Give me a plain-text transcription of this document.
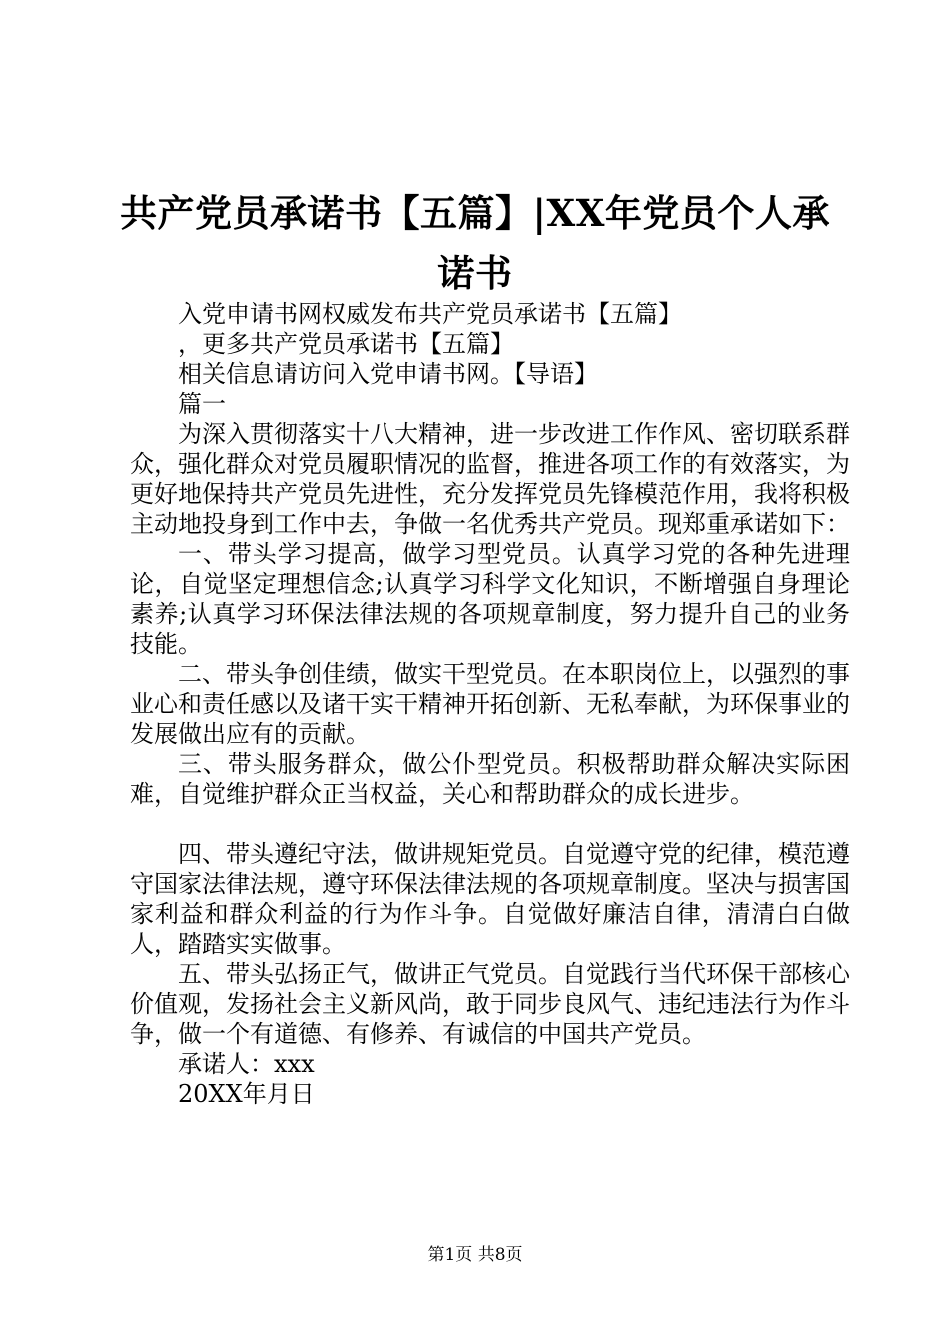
共产党员承诺书【五篇】|XX年党员个人承诺书
入党申请书网权威发布共产党员承诺书【五篇】
，更多共产党员承诺书【五篇】
相关信息请访问入党申请书网。【导语】
篇一

为深入贯彻落实十八大精神，进一步改进工作作风、密切联系群众，强化群众对党员履职情况的监督，推进各项工作的有效落实，为更好地保持共产党员先进性，充分发挥党员先锋模范作用，我将积极主动地投身到工作中去，争做一名优秀共产党员。现郑重承诺如下：

一、带头学习提高，做学习型党员。认真学习党的各种先进理论，自觉坚定理想信念;认真学习科学文化知识，不断增强自身理论素养;认真学习环保法律法规的各项规章制度，努力提升自己的业务技能。

二、带头争创佳绩，做实干型党员。在本职岗位上，以强烈的事业心和责任感以及诸干实干精神开拓创新、无私奉献，为环保事业的发展做出应有的贡献。

三、带头服务群众，做公仆型党员。积极帮助群众解决实际困难，自觉维护群众正当权益，关心和帮助群众的成长进步。

四、带头遵纪守法，做讲规矩党员。自觉遵守党的纪律，模范遵守国家法律法规，遵守环保法律法规的各项规章制度。坚决与损害国家利益和群众利益的行为作斗争。自觉做好廉洁自律，清清白白做人，踏踏实实做事。

五、带头弘扬正气，做讲正气党员。自觉践行当代环保干部核心价值观，发扬社会主义新风尚，敢于同步良风气、违纪违法行为作斗争，做一个有道德、有修养、有诚信的中国共产党员。

承诺人：xxx
20XX年月日
第1页 共8页
